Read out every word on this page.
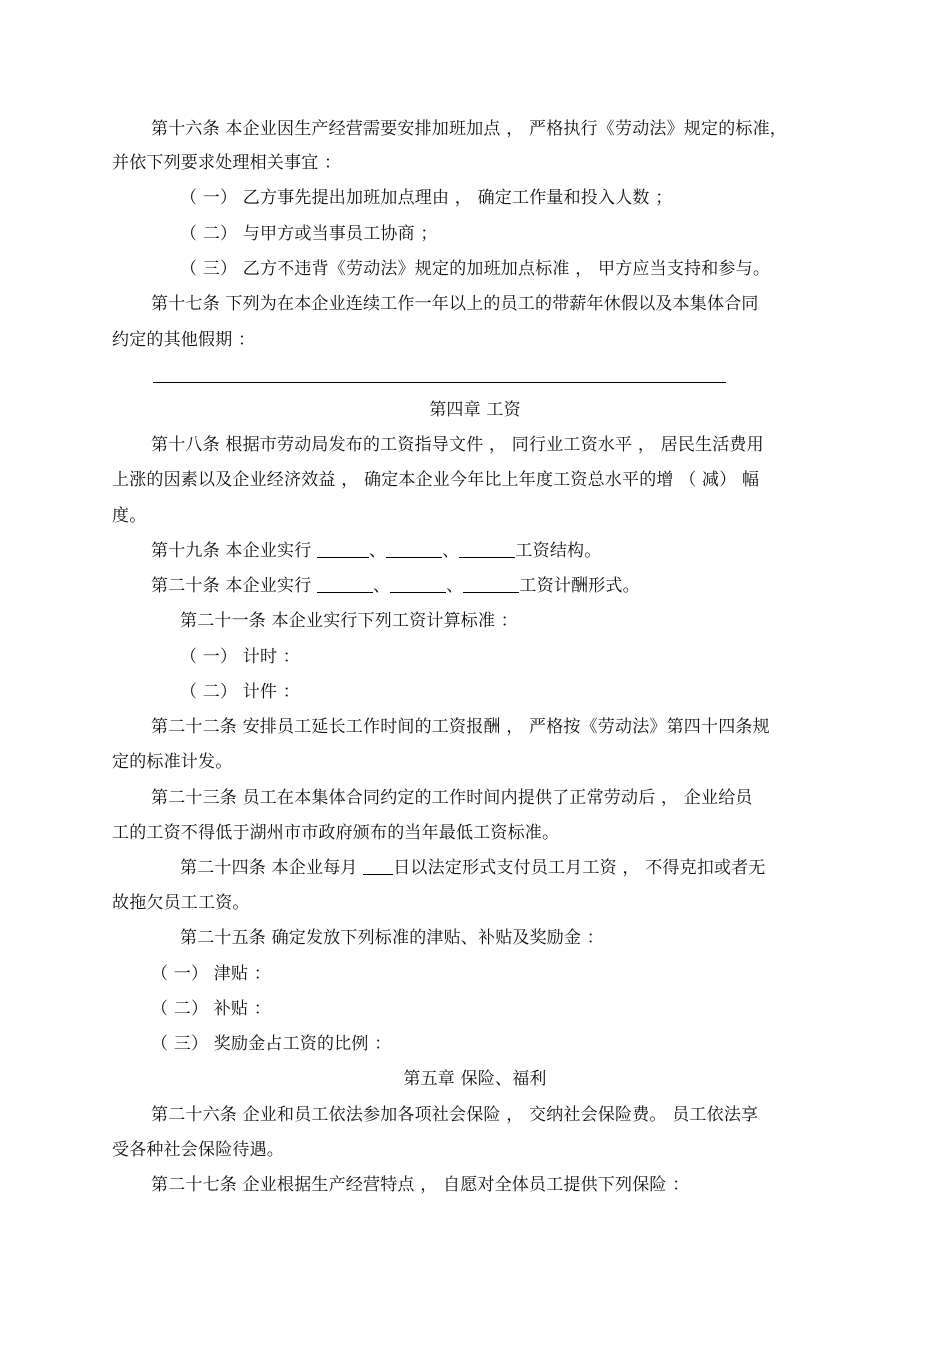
第十六条 本企业因生产经营需要安排加班加点 ， 严格执行《劳动法》规定的标准，
并依下列要求处理相关事宜 ：
（ 一） 乙方事先提出加班加点理由 ， 确定工作量和投入人数 ；
（ 二） 与甲方或当事员工协商 ；
（ 三） 乙方不违背《劳动法》规定的加班加点标准 ， 甲方应当支持和参与。
第十七条 下列为在本企业连续工作一年以上的员工的带薪年休假以及本集体合同
约定的其他假期 ：
第四章 工资
第十八条 根据市劳动局发布的工资指导文件 ， 同行业工资水平 ， 居民生活费用
上涨的因素以及企业经济效益 ， 确定本企业今年比上年度工资总水平的增 （ 减） 幅
度。
第十九条 本企业实行	、	、	工资结构。
第二十条 本企业实行	、	、	工资计酬形式。
第二十一条 本企业实行下列工资计算标准 ：
（ 一） 计时 ：
（ 二） 计件 ：
第二十二条 安排员工延长工作时间的工资报酬 ， 严格按《劳动法》第四十四条规
定的标准计发。
第二十三条 员工在本集体合同约定的工作时间内提供了正常劳动后 ， 企业给员
工的工资不得低于湖州市市政府颁布的当年最低工资标准。
第二十四条 本企业每月 日以法定形式支付员工月工资 ， 不得克扣或者无
故拖欠员工工资。
第二十五条 确定发放下列标准的津贴、补贴及奖励金 ：
（ 一） 津贴 ：
（ 二） 补贴 ：
（ 三） 奖励金占工资的比例 ：
第五章 保险、福利
第二十六条 企业和员工依法参加各项社会保险 ， 交纳社会保险费。 员工依法享
受各种社会保险待遇。
第二十七条 企业根据生产经营特点 ， 自愿对全体员工提供下列保险 ：
